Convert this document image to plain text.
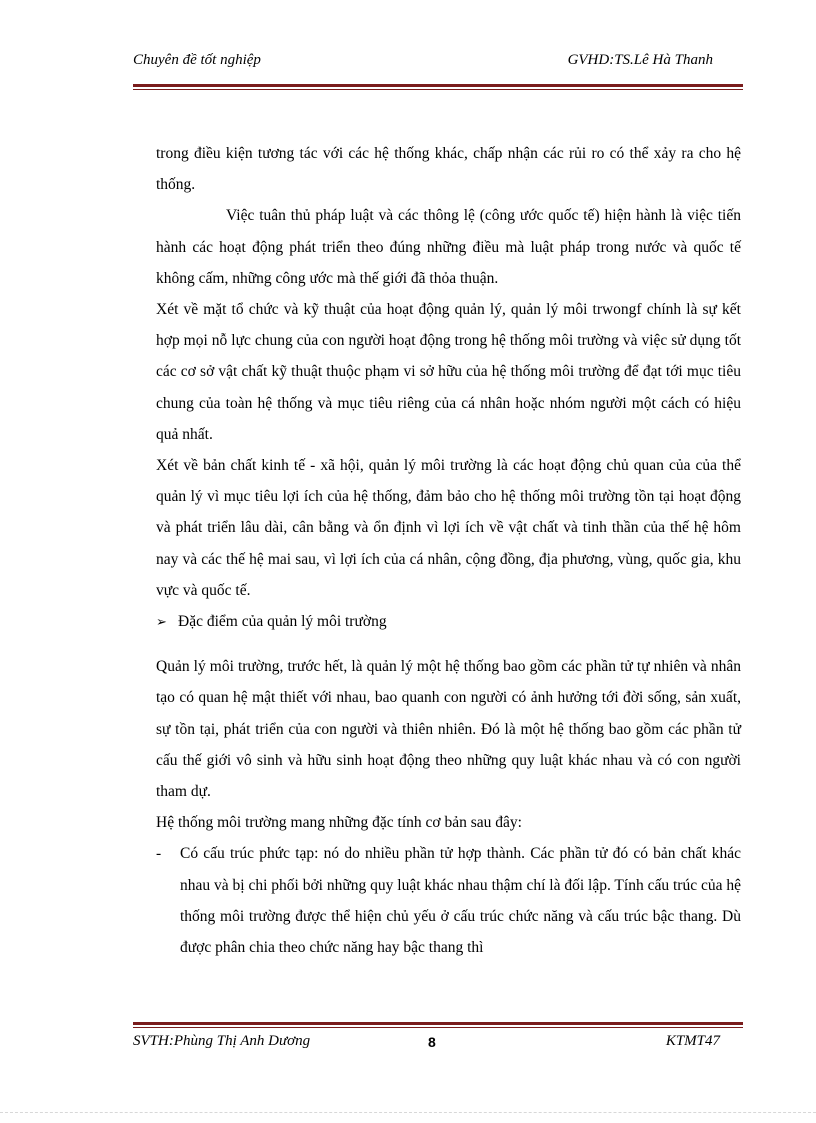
Chuyên đề tốt nghiệp	GVHD:TS.Lê Hà Thanh

trong điều kiện tương tác với các hệ thống khác, chấp nhận các rủi ro có thể xảy ra cho hệ thống.

Việc tuân thủ pháp luật và các thông lệ (công ước quốc tế) hiện hành là việc tiến hành các hoạt động phát triển theo đúng những điều mà luật pháp trong nước và quốc tế không cấm, những công ước mà thế giới đã thỏa thuận.

Xét về mặt tổ chức và kỹ thuật của hoạt động quản lý, quản lý môi trwongf chính là sự kết hợp mọi nỗ lực chung của con người hoạt động trong hệ thống môi trường và việc sử dụng tốt các cơ sở vật chất kỹ thuật thuộc phạm vi sở hữu của hệ thống môi trường để đạt tới mục tiêu chung của toàn hệ thống và mục tiêu riêng của cá nhân hoặc nhóm người một cách có hiệu quả nhất.

Xét về bản chất kinh tế - xã hội, quản lý môi trường là các hoạt động chủ quan của của thể quản lý vì mục tiêu lợi ích của hệ thống, đảm bảo cho hệ thống môi trường tồn tại hoạt động và phát triển lâu dài, cân bằng và ổn định vì lợi ích về vật chất và tinh thần của thế hệ hôm nay và các thế hệ mai sau, vì lợi ích của cá nhân, cộng đồng, địa phương, vùng, quốc gia, khu vực và quốc tế.

➢ Đặc điểm của quản lý môi trường

Quản lý môi trường, trước hết, là quản lý một hệ thống bao gồm các phần tử tự nhiên và nhân tạo có quan hệ mật thiết với nhau, bao quanh con người có ảnh hưởng tới đời sống, sản xuất, sự tồn tại, phát triển của con người và thiên nhiên. Đó là một hệ thống bao gồm các phần tử cấu thế giới vô sinh và hữu sinh hoạt động theo những quy luật khác nhau và có con người tham dự.

Hệ thống môi trường mang những đặc tính cơ bản sau đây:

-	Có cấu trúc phức tạp: nó do nhiều phần tử hợp thành. Các phần tử đó có bản chất khác nhau và bị chi phối bởi những quy luật khác nhau thậm chí là đối lập. Tính cấu trúc của hệ thống môi trường được thể hiện chủ yếu ở cấu trúc chức năng và cấu trúc bậc thang. Dù được phân chia theo chức năng hay bậc thang thì
SVTH:Phùng Thị Anh Dương	8	KTMT47
